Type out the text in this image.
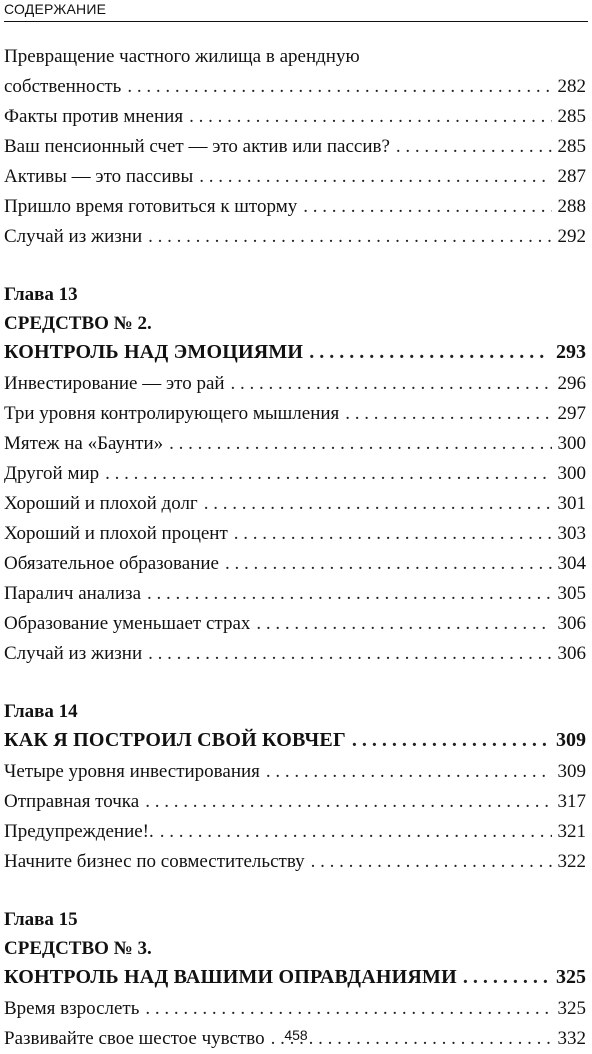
СОДЕРЖАНИЕ
Превращение частного жилища в арендную
собственность . . .	282
Факты против мнения . . .	285
Ваш пенсионный счет — это актив или пассив? . . .	285
Активы — это пассивы . . .	287
Пришло время готовиться к шторму . . .	288
Случай из жизни . . .	292
Глава 13
СРЕДСТВО № 2.
КОНТРОЛЬ НАД ЭМОЦИЯМИ . . .	293
Инвестирование — это рай . . .	296
Три уровня контролирующего мышления . . .	297
Мятеж на «Баунти» . . .	300
Другой мир . . .	300
Хороший и плохой долг . . .	301
Хороший и плохой процент . . .	303
Обязательное образование . . .	304
Паралич анализа . . .	305
Образование уменьшает страх . . .	306
Случай из жизни . . .	306
Глава 14
КАК Я ПОСТРОИЛ СВОЙ КОВЧЕГ . . .	309
Четыре уровня инвестирования . . .	309
Отправная точка . . .	317
Предупреждение!. . . .	321
Начните бизнес по совместительству . . .	322
Глава 15
СРЕДСТВО № 3.
КОНТРОЛЬ НАД ВАШИМИ ОПРАВДАНИЯМИ . . .	325
Время взрослеть . . .	325
Развивайте свое шестое чувство . . .	332
458
